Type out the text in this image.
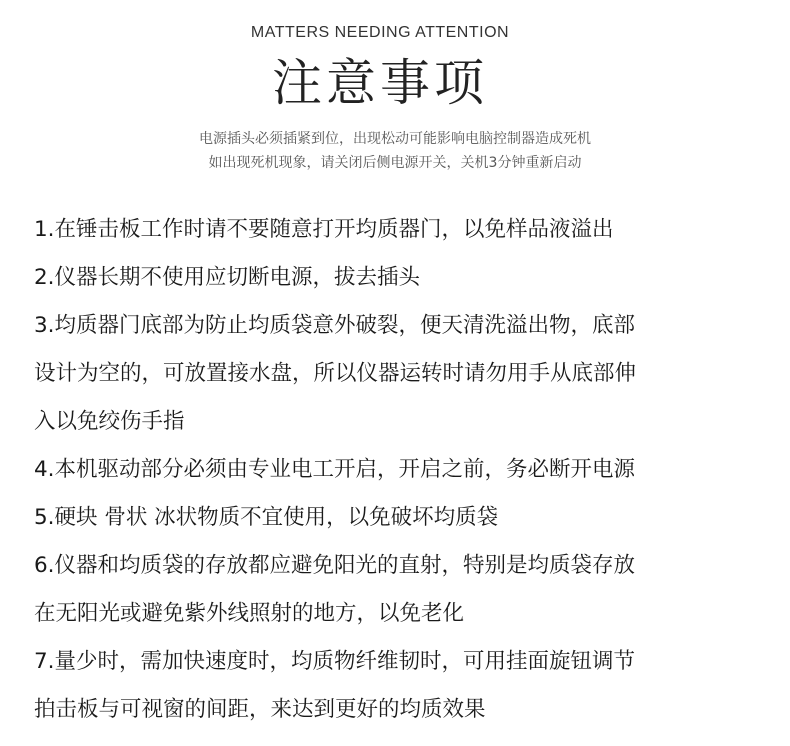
MATTERS NEEDING ATTENTION
注意事项
电源插头必须插紧到位，出现松动可能影响电脑控制器造成死机
如出现死机现象，请关闭后侧电源开关，关机3分钟重新启动
1.在锤击板工作时请不要随意打开均质器门，以免样品液溢出
2.仪器长期不使用应切断电源，拔去插头
3.均质器门底部为防止均质袋意外破裂，便天清洗溢出物，底部
设计为空的，可放置接水盘，所以仪器运转时请勿用手从底部伸
入以免绞伤手指
4.本机驱动部分必须由专业电工开启，开启之前，务必断开电源
5.硬块 骨状 冰状物质不宜使用，以免破坏均质袋
6.仪器和均质袋的存放都应避免阳光的直射，特别是均质袋存放
在无阳光或避免紫外线照射的地方，以免老化
7.量少时，需加快速度时，均质物纤维韧时，可用挂面旋钮调节
拍击板与可视窗的间距，来达到更好的均质效果
